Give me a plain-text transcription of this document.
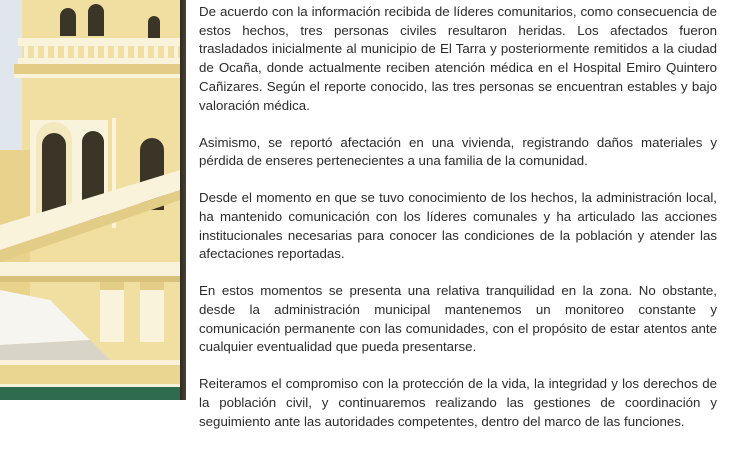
De acuerdo con la información recibida de líderes comunitarios, como consecuencia de estos hechos, tres personas civiles resultaron heridas. Los afectados fueron trasladados inicialmente al municipio de El Tarra y posteriormente remitidos a la ciudad de Ocaña, donde actualmente reciben atención médica en el Hospital Emiro Quintero Cañizares. Según el reporte conocido, las tres personas se encuentran estables y bajo valoración médica.

Asimismo, se reportó afectación en una vivienda, registrando daños materiales y pérdida de enseres pertenecientes a una familia de la comunidad.

Desde el momento en que se tuvo conocimiento de los hechos, la administración local, ha mantenido comunicación con los líderes comunales y ha articulado las acciones institucionales necesarias para conocer las condiciones de la población y atender las afectaciones reportadas.

En estos momentos se presenta una relativa tranquilidad en la zona. No obstante, desde la administración municipal mantenemos un monitoreo constante y comunicación permanente con las comunidades, con el propósito de estar atentos ante cualquier eventualidad que pueda presentarse.

Reiteramos el compromiso con la protección de la vida, la integridad y los derechos de la población civil, y continuaremos realizando las gestiones de coordinación y seguimiento ante las autoridades competentes, dentro del marco de las funciones.
